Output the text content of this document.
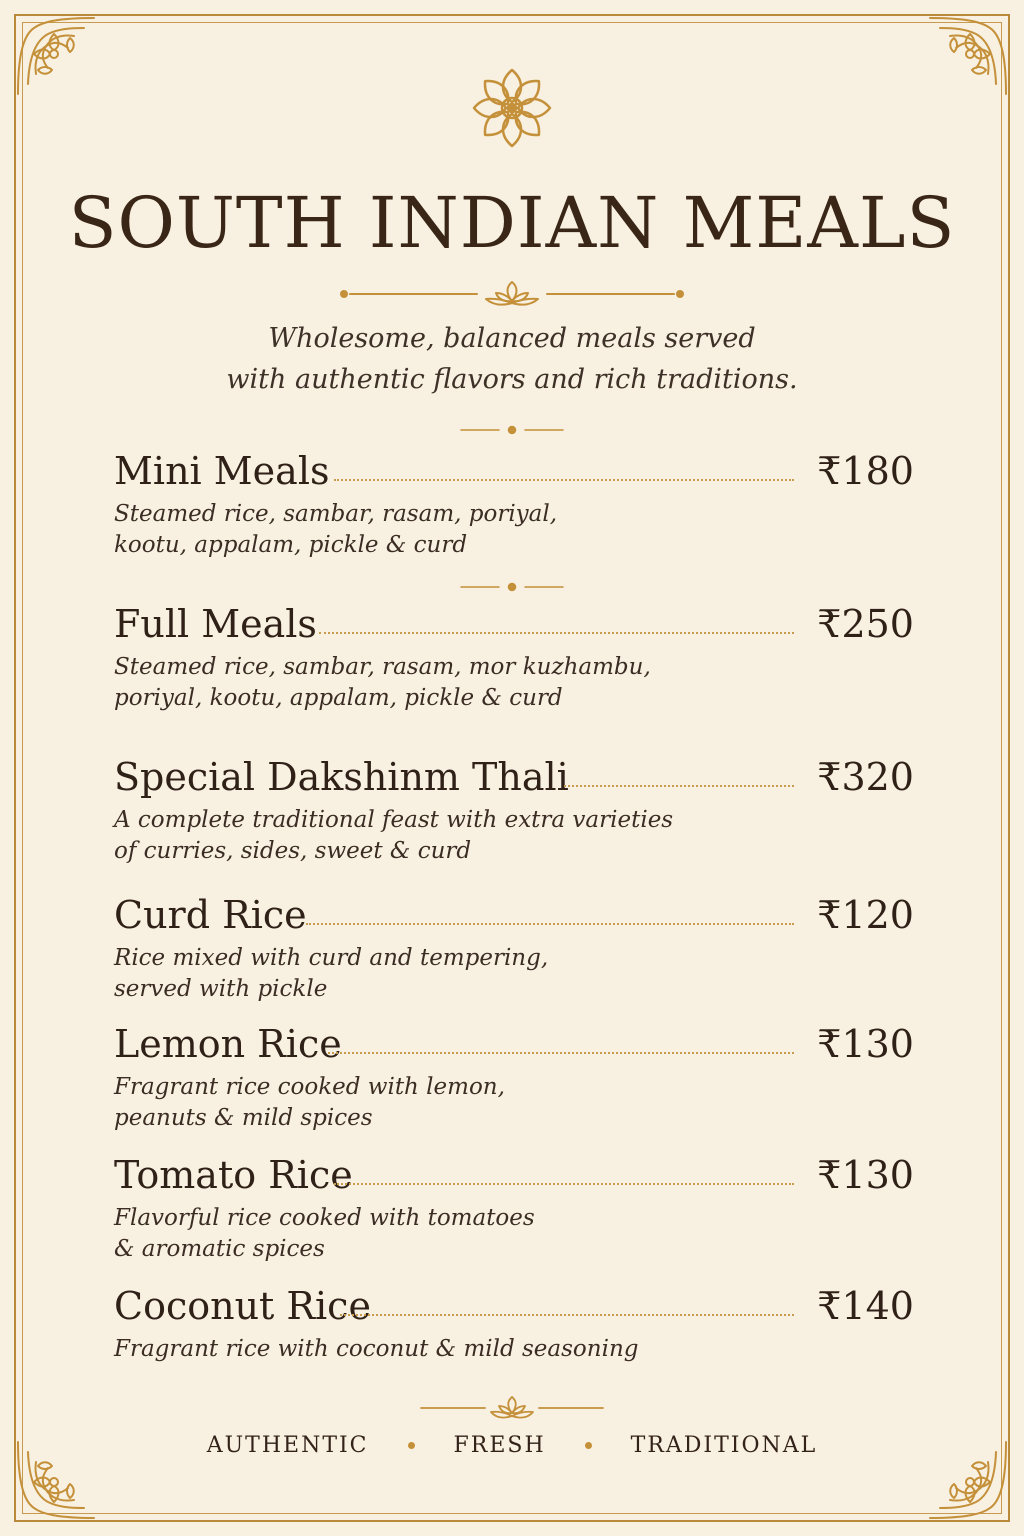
SOUTH INDIAN MEALS
Wholesome, balanced meals served
with authentic flavors and rich traditions.
Mini Meals	₹180
Steamed rice, sambar, rasam, poriyal,
kootu, appalam, pickle & curd
Full Meals	₹250
Steamed rice, sambar, rasam, mor kuzhambu,
poriyal, kootu, appalam, pickle & curd
Special Dakshinm Thali	₹320
A complete traditional feast with extra varieties
of curries, sides, sweet & curd
Curd Rice	₹120
Rice mixed with curd and tempering,
served with pickle
Lemon Rice	₹130
Fragrant rice cooked with lemon,
peanuts & mild spices
Tomato Rice	₹130
Flavorful rice cooked with tomatoes
& aromatic spices
Coconut Rice	₹140
Fragrant rice with coconut & mild seasoning
AUTHENTIC	FRESH	TRADITIONAL
